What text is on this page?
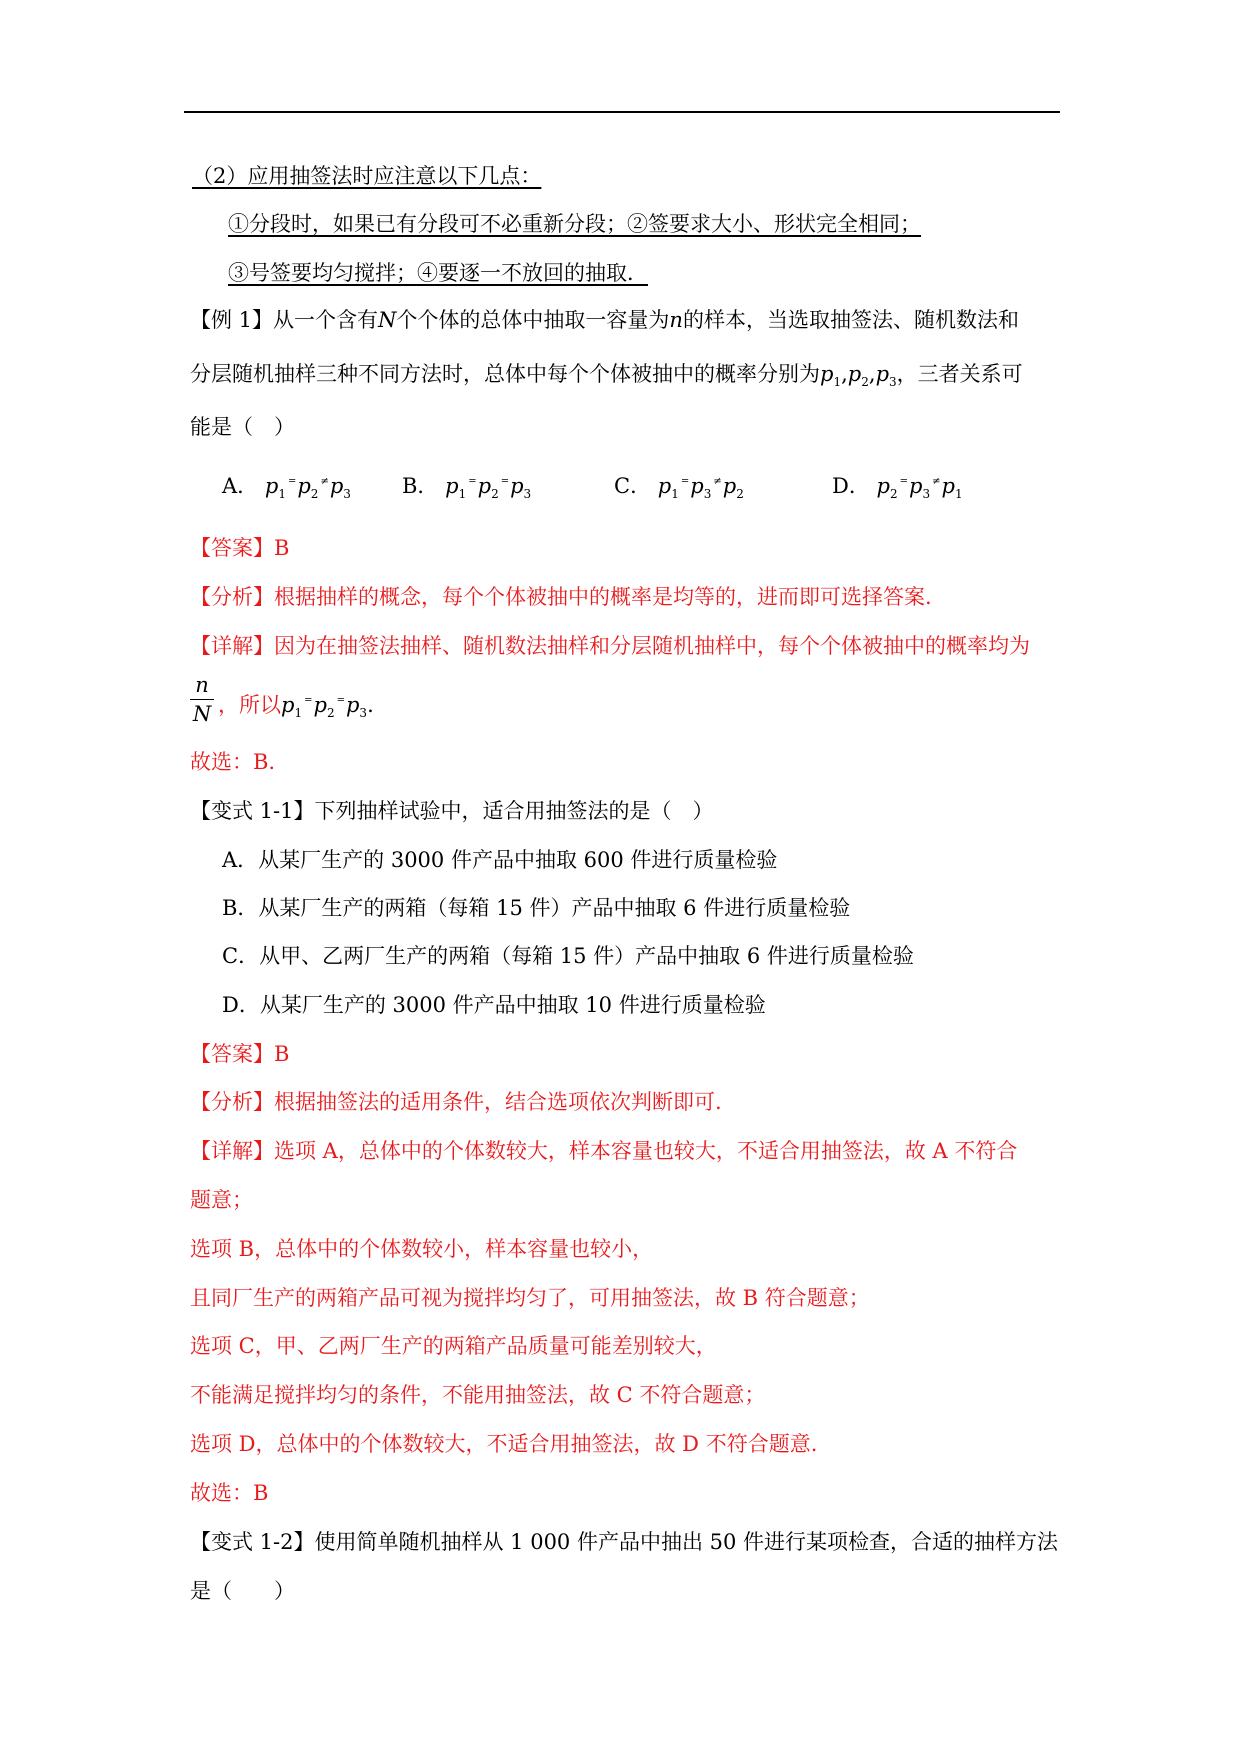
（2）应用抽签法时应注意以下几点：
①分段时，如果已有分段可不必重新分段；②签要求大小、形状完全相同；
③号签要均匀搅拌；④要逐一不放回的抽取．
【例 1】从一个含有N个个体的总体中抽取一容量为n的样本，当选取抽签法、随机数法和
分层随机抽样三种不同方法时，总体中每个个体被抽中的概率分别为$p_1,p_2,p_3$，三者关系可
能是（　）
A． $p_1^=p_2^\ne p_3$ B． $p_1^=p_2^=p_3$	C． $p_1^=p_3^\ne p_2$	D． $p_2^=p_3^\ne p_1$
【答案】B
【分析】根据抽样的概念，每个个体被抽中的概率是均等的，进而即可选择答案.
【详解】因为在抽签法抽样、随机数法抽样和分层随机抽样中，每个个体被抽中的概率均为
n
N ，所以$p_1^=p_2^=p_3$.
故选：B.
【变式 1-1】下列抽样试验中，适合用抽签法的是（　）
A．从某厂生产的 3000 件产品中抽取 600 件进行质量检验
B．从某厂生产的两箱（每箱 15 件）产品中抽取 6 件进行质量检验
C．从甲、乙两厂生产的两箱（每箱 15 件）产品中抽取 6 件进行质量检验
D．从某厂生产的 3000 件产品中抽取 10 件进行质量检验
【答案】B
【分析】根据抽签法的适用条件，结合选项依次判断即可.
【详解】选项 A，总体中的个体数较大，样本容量也较大，不适合用抽签法，故 A 不符合
题意；
选项 B，总体中的个体数较小，样本容量也较小，
且同厂生产的两箱产品可视为搅拌均匀了，可用抽签法，故 B 符合题意；
选项 C，甲、乙两厂生产的两箱产品质量可能差别较大，
不能满足搅拌均匀的条件，不能用抽签法，故 C 不符合题意；
选项 D，总体中的个体数较大，不适合用抽签法，故 D 不符合题意.
故选：B
【变式 1-2】使用简单随机抽样从 1 000 件产品中抽出 50 件进行某项检查，合适的抽样方法
是（　　）
